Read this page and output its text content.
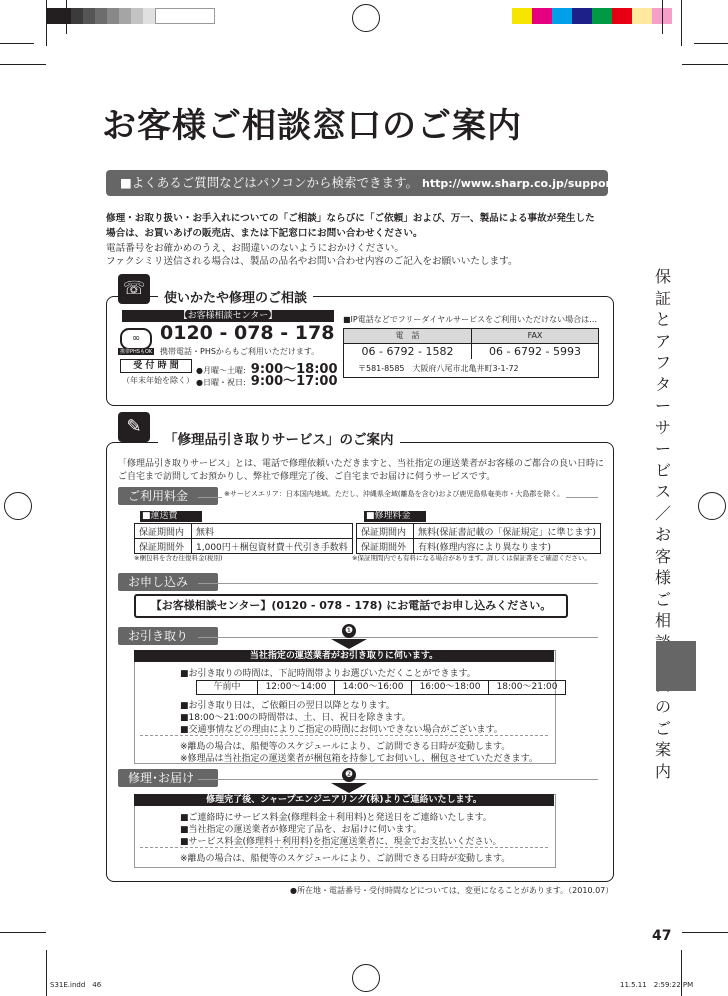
お客様ご相談窓口のご案内
■よくあるご質問などはパソコンから検索できます。 http://www.sharp.co.jp/support/
修理・お取り扱い・お手入れについての「ご相談」ならびに「ご依頼」および、万一、製品による事故が発生した
場合は、お買いあげの販売店、または下記窓口にお問い合わせください。
電話番号をお確かめのうえ、お間違いのないようにおかけください。
ファクシミリ送信される場合は、製品の品名やお問い合わせ内容のご記入をお願いいたします。
☏	使いかたや修理のご相談
【お客様相談センター】
∞
携帯PHSもOK
0120 - 078 - 178
携帯電話・PHSからもご利用いただけます。
受 付 時 間
（年末年始を除く）
●月曜～土曜: 9:00～18:00
●日曜・祝日: 9:00～17:00
■IP電話などでフリーダイヤルサービスをご利用いただけない場合は…
電　話	FAX
06 - 6792 - 1582	06 - 6792 - 5993
〒581-8585　大阪府八尾市北亀井町3-1-72
✎
「修理品引き取りサービス」のご案内
「修理品引き取りサービス」とは、電話で修理依頼いただきますと、当社指定の運送業者がお客様のご都合の良い日時に
ご自宅まで訪問してお預かりし、弊社で修理完了後、ご自宅までお届けに伺うサービスです。
ご利用料金	※サービスエリア：日本国内地域。ただし、沖縄県全域(離島を含む)および鹿児島県奄美市・大島郡を除く。
■運送費
保証期間内	無料
保証期間外	1,000円＋梱包資材費＋代引き手数料
※梱包料を含む往復料金(税別)
■修理料金
保証期間内	無料(保証書記載の「保証規定」に準じます)
保証期間外	有料(修理内容により異なります)
※保証期間内でも有料になる場合があります。詳しくは保証書をご確認ください。
お申し込み
【お客様相談センター】(0120 - 078 - 178) にお電話でお申し込みください。
お引き取り	❶
当社指定の運送業者がお引き取りに伺います。
■お引き取りの時間は、下記時間帯よりお選びいただくことができます。
午前中	12:00～14:00	14:00～16:00	16:00～18:00	18:00～21:00
■お引き取り日は、ご依頼日の翌日以降となります。
■18:00～21:00の時間帯は、土、日、祝日を除きます。
■交通事情などの理由によりご指定の時間にお伺いできない場合がございます。
※離島の場合は、船便等のスケジュールにより、ご訪問できる日時が変動します。
※修理品は当社指定の運送業者が梱包箱を持参してお伺いし、梱包させていただきます。
修理･お届け	❷
修理完了後、シャープエンジニアリング(株)よりご連絡いたします。
■ご連絡時にサービス料金(修理料金＋利用料)と発送日をご連絡いたします。
■当社指定の運送業者が修理完了品を、お届けに伺います。
■サービス料金(修理料＋利用料)を指定運送業者に、現金でお支払いください。
※離島の場合は、船便等のスケジュールにより、ご訪問できる日時が変動します。
●所在地・電話番号・受付時間などについては、変更になることがあります。（2010.07）
保
証
と
ア
フ
タ
ー
サ
ー
ビ
ス
／
お
客
様
ご
相
の
ご
案
内
47
S31E.indd　46	11.5.11　2:59:22 PM
